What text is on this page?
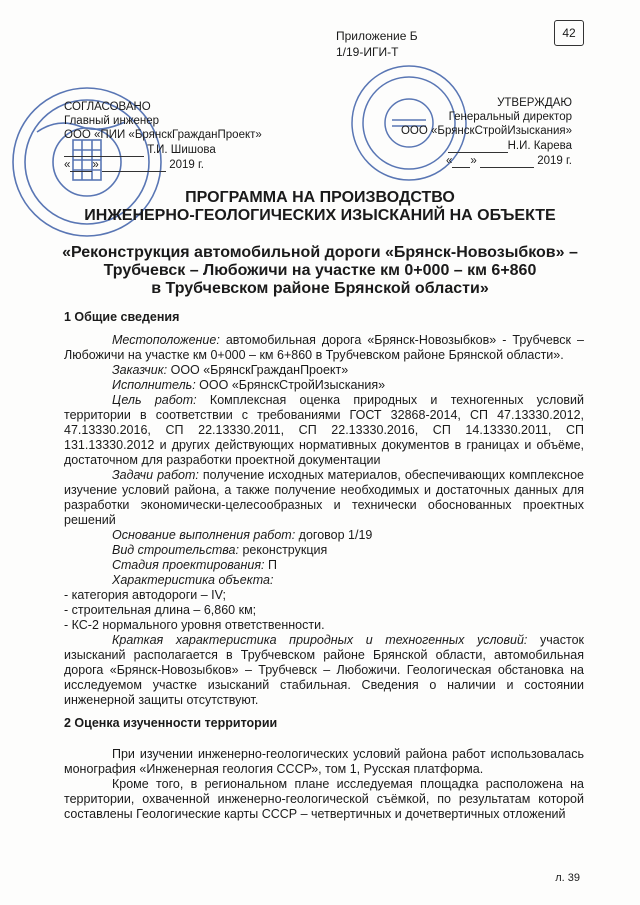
42
Приложение Б
1/19-ИГИ-Т
СОГЛАСОВАНО
Главный инженер
ООО «ПИИ «БрянскГражданПроект»
Т.И. Шишова
« »	2019 г.
УТВЕРЖДАЮ
Генеральный директор
ООО «БрянскСтройИзыскания»
Н.И. Карева
« »	2019 г.
ПРОГРАММА НА ПРОИЗВОДСТВО
ИНЖЕНЕРНО-ГЕОЛОГИЧЕСКИХ ИЗЫСКАНИЙ НА ОБЪЕКТЕ
«Реконструкция автомобильной дороги «Брянск-Новозыбков» –
Трубчевск – Любожичи на участке км 0+000 – км 6+860
в Трубчевском районе Брянской области»
1 Общие сведения

Местоположение: автомобильная дорога «Брянск-Новозыбков» - Трубчевск – Любожичи на участке км 0+000 – км 6+860 в Трубчевском районе Брянской области».

Заказчик: ООО «БрянскГражданПроект»

Исполнитель: ООО «БрянскСтройИзыскания»

Цель работ: Комплексная оценка природных и техногенных условий территории в соответствии с требованиями ГОСТ 32868-2014, СП 47.13330.2012, 47.13330.2016, СП 22.13330.2011, СП 22.13330.2016, СП 14.13330.2011, СП 131.13330.2012 и других действующих нормативных документов в границах и объёме, достаточном для разработки проектной документации

Задачи работ: получение исходных материалов, обеспечивающих комплексное изучение условий района, а также получение необходимых и достаточных данных для разработки экономически-целесообразных и технически обоснованных проектных решений

Основание выполнения работ: договор 1/19

Вид строительства: реконструкция

Стадия проектирования: П

Характеристика объекта:

- категория автодороги – IV;

- строительная длина – 6,860 км;

- КС-2 нормального уровня ответственности.

Краткая характеристика природных и техногенных условий: участок изысканий располагается в Трубчевском районе Брянской области, автомобильная дорога «Брянск-Новозыбков» – Трубчевск – Любожичи. Геологическая обстановка на исследуемом участке изысканий стабильная. Сведения о наличии и состоянии инженерной защиты отсутствуют.

2 Оценка изученности территории

При изучении инженерно-геологических условий района работ использовалась монография «Инженерная геология СССР», том 1, Русская платформа.

Кроме того, в региональном плане исследуемая площадка расположена на территории, охваченной инженерно-геологической съёмкой, по результатам которой составлены Геологические карты СССР – четвертичных и дочетвертичных отложений

л. 39
